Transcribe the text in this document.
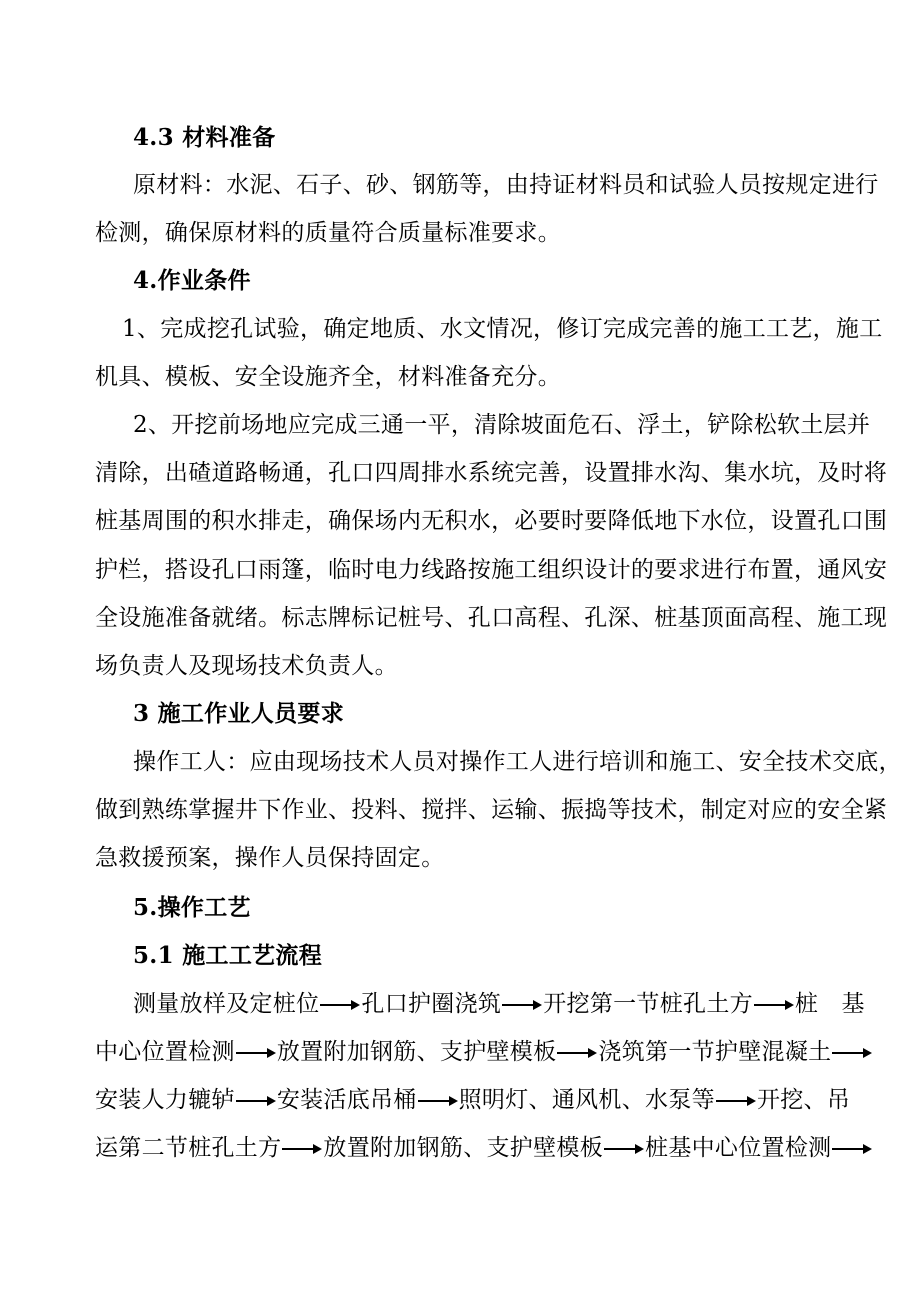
4.3 材料准备
原材料：水泥、石子、砂、钢筋等，由持证材料员和试验人员按规定进行
检测，确保原材料的质量符合质量标准要求。
4.作业条件
1、完成挖孔试验，确定地质、水文情况，修订完成完善的施工工艺，施工
机具、模板、安全设施齐全，材料准备充分。
2、开挖前场地应完成三通一平，清除坡面危石、浮土，铲除松软土层并
清除，出碴道路畅通，孔口四周排水系统完善，设置排水沟、集水坑，及时将
桩基周围的积水排走，确保场内无积水，必要时要降低地下水位，设置孔口围
护栏，搭设孔口雨篷，临时电力线路按施工组织设计的要求进行布置，通风安
全设施准备就绪。标志牌标记桩号、孔口高程、孔深、桩基顶面高程、施工现
场负责人及现场技术负责人。
3 施工作业人员要求
操作工人：应由现场技术人员对操作工人进行培训和施工、安全技术交底，
做到熟练掌握井下作业、投料、搅拌、运输、振捣等技术，制定对应的安全紧
急救援预案，操作人员保持固定。
5.操作工艺
5.1 施工工艺流程
测量放样及定桩位 孔口护圈浇筑 开挖第一节桩孔土方 桩　基
中心位置检测 放置附加钢筋、支护壁模板 浇筑第一节护壁混凝土
安装人力辘轳 安装活底吊桶 照明灯、通风机、水泵等 开挖、吊
运第二节桩孔土方 放置附加钢筋、支护壁模板 桩基中心位置检测
